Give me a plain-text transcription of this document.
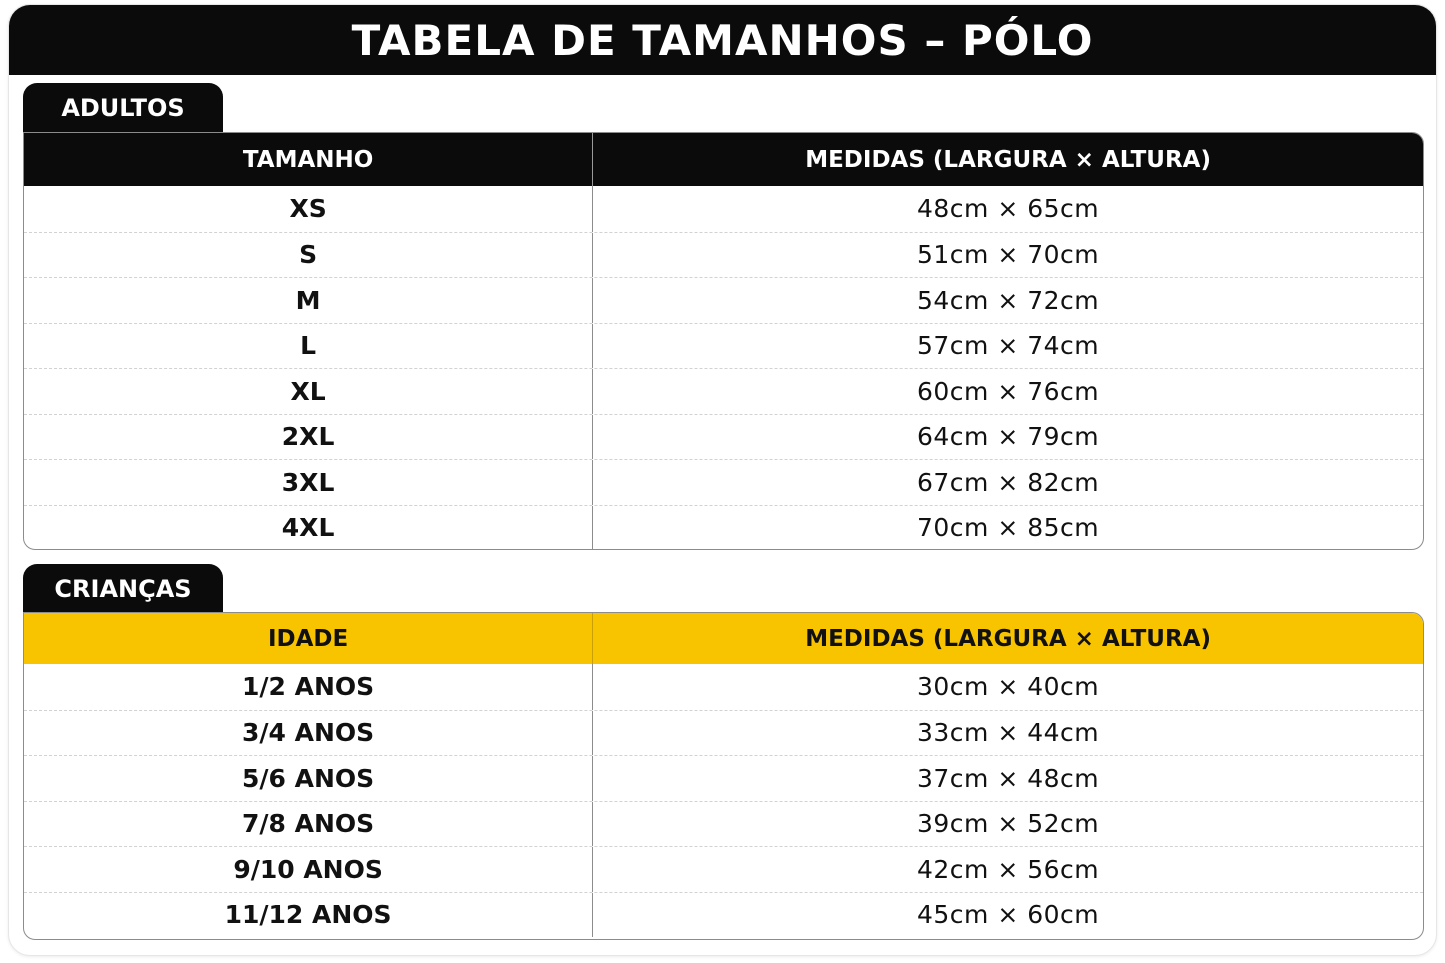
TABELA DE TAMANHOS – PÓLO
ADULTOS
TAMANHO	MEDIDAS (LARGURA × ALTURA)
XS	48cm × 65cm
S	51cm × 70cm
M	54cm × 72cm
L	57cm × 74cm
XL	60cm × 76cm
2XL	64cm × 79cm
3XL	67cm × 82cm
4XL	70cm × 85cm
CRIANÇAS
IDADE	MEDIDAS (LARGURA × ALTURA)
1/2 ANOS	30cm × 40cm
3/4 ANOS	33cm × 44cm
5/6 ANOS	37cm × 48cm
7/8 ANOS	39cm × 52cm
9/10 ANOS	42cm × 56cm
11/12 ANOS	45cm × 60cm
